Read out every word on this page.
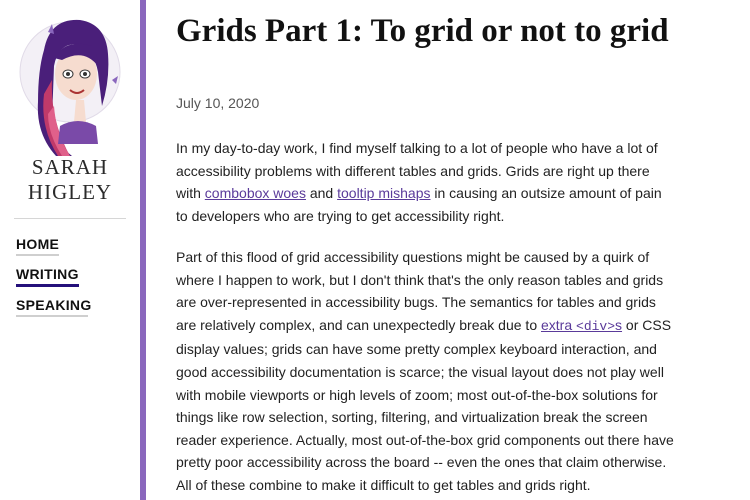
SARAH
HIGLEY
HOME
WRITING
SPEAKING
Grids Part 1: To grid or not to grid
July 10, 2020

In my day-to-day work, I find myself talking to a lot of people who have a lot of accessibility problems with different tables and grids. Grids are right up there with combobox woes and tooltip mishaps in causing an outsize amount of pain to developers who are trying to get accessibility right.

Part of this flood of grid accessibility questions might be caused by a quirk of where I happen to work, but I don't think that's the only reason tables and grids are over-represented in accessibility bugs. The semantics for tables and grids are relatively complex, and can unexpectedly break due to extra <div>s or CSS display values; grids can have some pretty complex keyboard interaction, and good accessibility documentation is scarce; the visual layout does not play well with mobile viewports or high levels of zoom; most out-of-the-box solutions for things like row selection, sorting, filtering, and virtualization break the screen reader experience. Actually, most out-of-the-box grid components out there have pretty poor accessibility across the board -- even the ones that claim otherwise. All of these combine to make it difficult to get tables and grids right.
